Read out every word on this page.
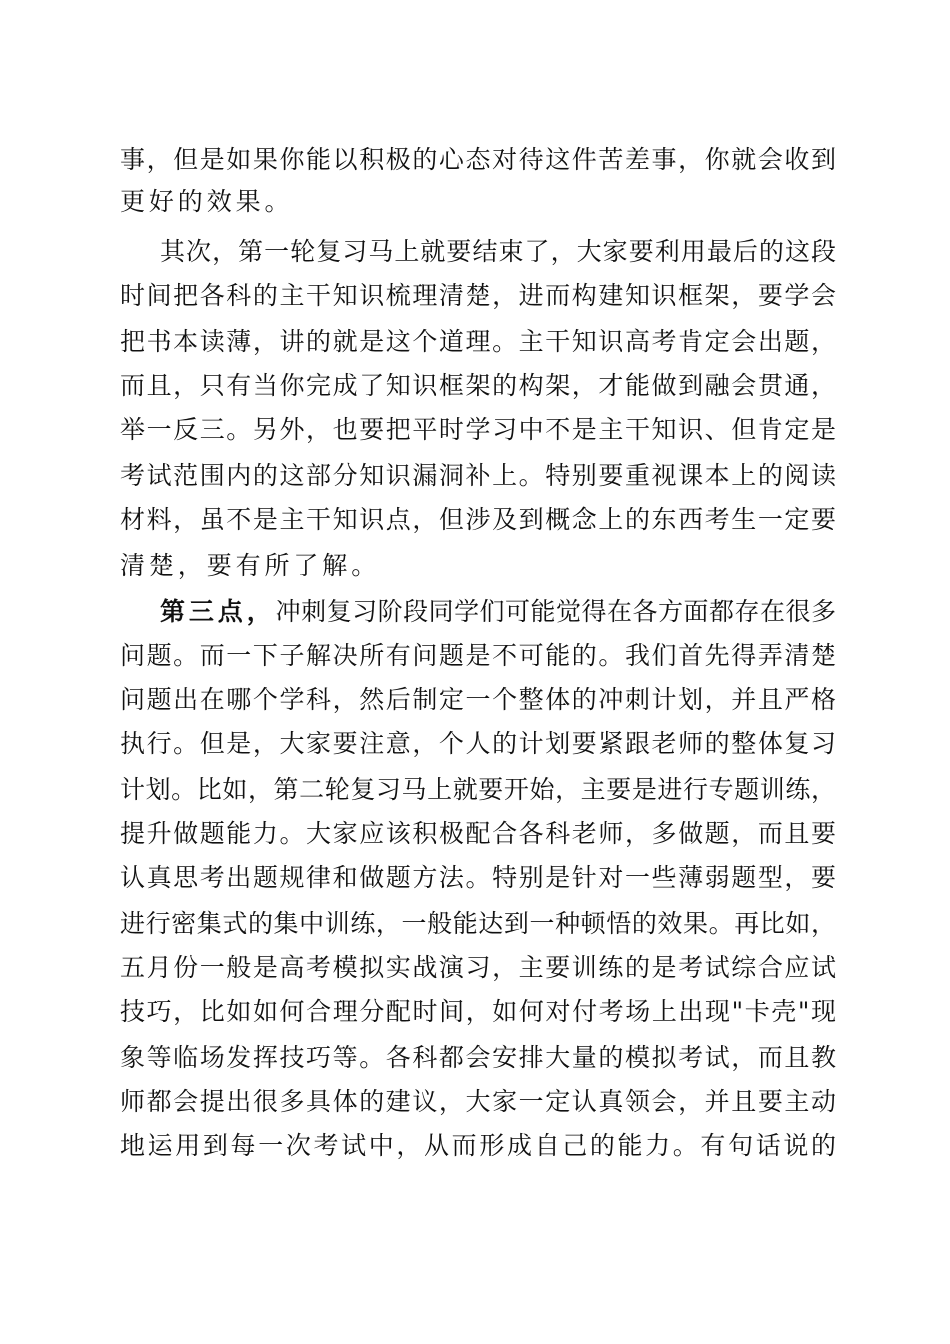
事，但是如果你能以积极的心态对待这件苦差事，你就会收到
更好的效果。
其次，第一轮复习马上就要结束了，大家要利用最后的这段
时间把各科的主干知识梳理清楚，进而构建知识框架，要学会
把书本读薄，讲的就是这个道理。主干知识高考肯定会出题，
而且，只有当你完成了知识框架的构架，才能做到融会贯通，
举一反三。另外，也要把平时学习中不是主干知识、但肯定是
考试范围内的这部分知识漏洞补上。特别要重视课本上的阅读
材料，虽不是主干知识点，但涉及到概念上的东西考生一定要
清楚，要有所了解。
第三点， 冲刺复习阶段同学们可能觉得在各方面都存在很多
问题。而一下子解决所有问题是不可能的。我们首先得弄清楚
问题出在哪个学科，然后制定一个整体的冲刺计划，并且严格
执行。但是，大家要注意，个人的计划要紧跟老师的整体复习
计划。比如，第二轮复习马上就要开始，主要是进行专题训练，
提升做题能力。大家应该积极配合各科老师，多做题，而且要
认真思考出题规律和做题方法。特别是针对一些薄弱题型，要
进行密集式的集中训练，一般能达到一种顿悟的效果。再比如，
五月份一般是高考模拟实战演习，主要训练的是考试综合应试
技巧，比如如何合理分配时间，如何对付考场上出现"卡壳"现
象等临场发挥技巧等。各科都会安排大量的模拟考试，而且教
师都会提出很多具体的建议，大家一定认真领会，并且要主动
地运用到每一次考试中，从而形成自己的能力。有句话说的
